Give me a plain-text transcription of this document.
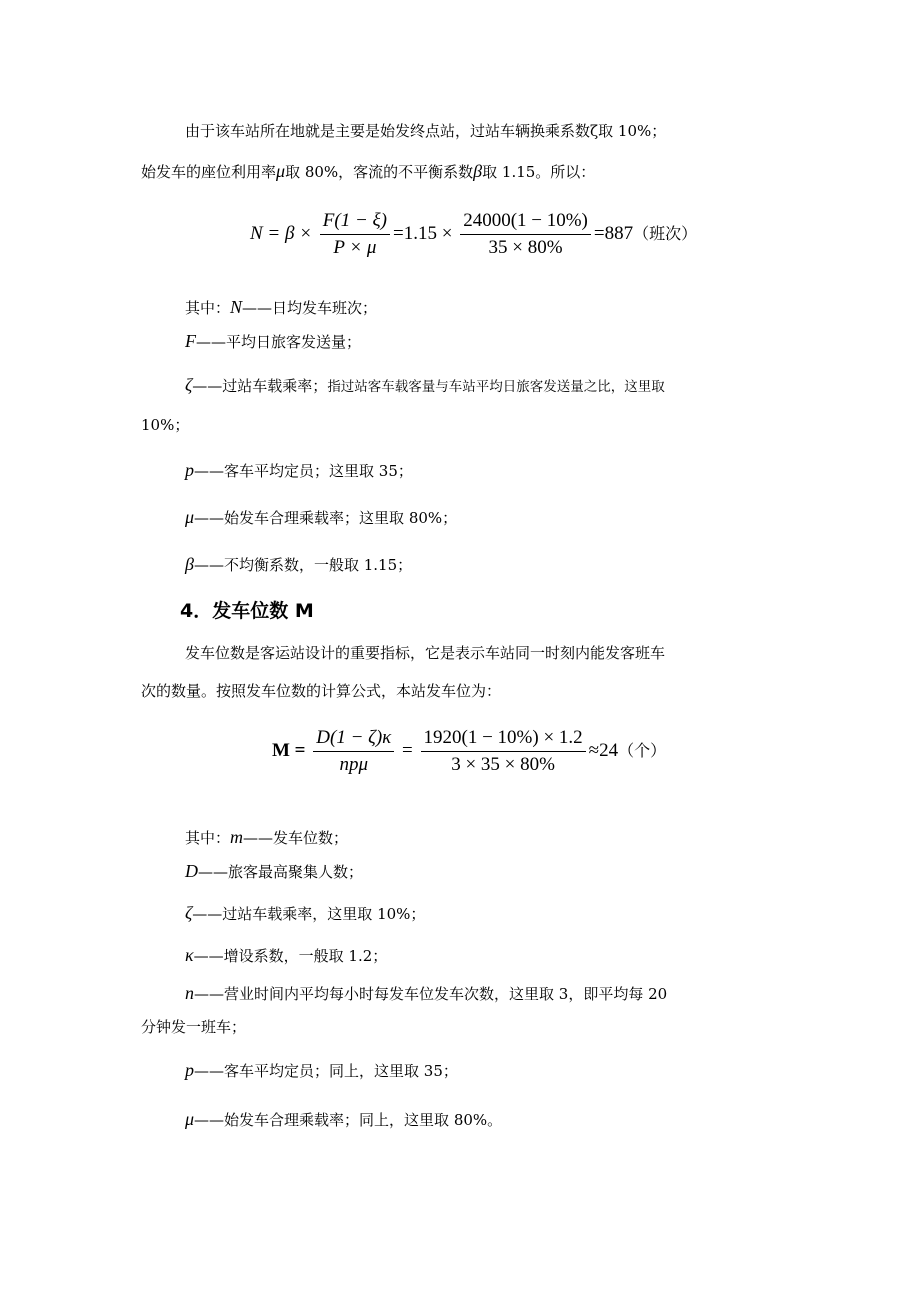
由于该车站所在地就是主要是始发终点站，过站车辆换乘系数ζ取 10%；
始发车的座位利用率μ取 80%，客流的不平衡系数β取 1.15。所以：
$N = \beta \times \frac{F(1 - \xi)}{P \times \mu} =1.15 \times \frac{24000(1 - 10\%)}{35 \times 80\%} =887$（班次）
其中：N——日均发车班次；
F——平均日旅客发送量；
ζ——过站车载乘率；指过站客车载客量与车站平均日旅客发送量之比，这里取
10%；
p——客车平均定员；这里取 35；
μ——始发车合理乘载率；这里取 80%；
β——不均衡系数，一般取 1.15；
4．发车位数 M
发车位数是客运站设计的重要指标，它是表示车站同一时刻内能发客班车
次的数量。按照发车位数的计算公式，本站发车位为：
$M = \frac{D(1 - \zeta)\kappa}{\text{npμ}} = \frac{1920(1 - 10\%) \times 1.2}{3 \times 35 \times 80\%} \approx 24$（个）
其中：m——发车位数；
D——旅客最高聚集人数；
ζ——过站车载乘率，这里取 10%；
κ——增设系数，一般取 1.2；
n——营业时间内平均每小时每发车位发车次数，这里取 3，即平均每 20
分钟发一班车；
p——客车平均定员；同上，这里取 35；
μ——始发车合理乘载率；同上，这里取 80%。
